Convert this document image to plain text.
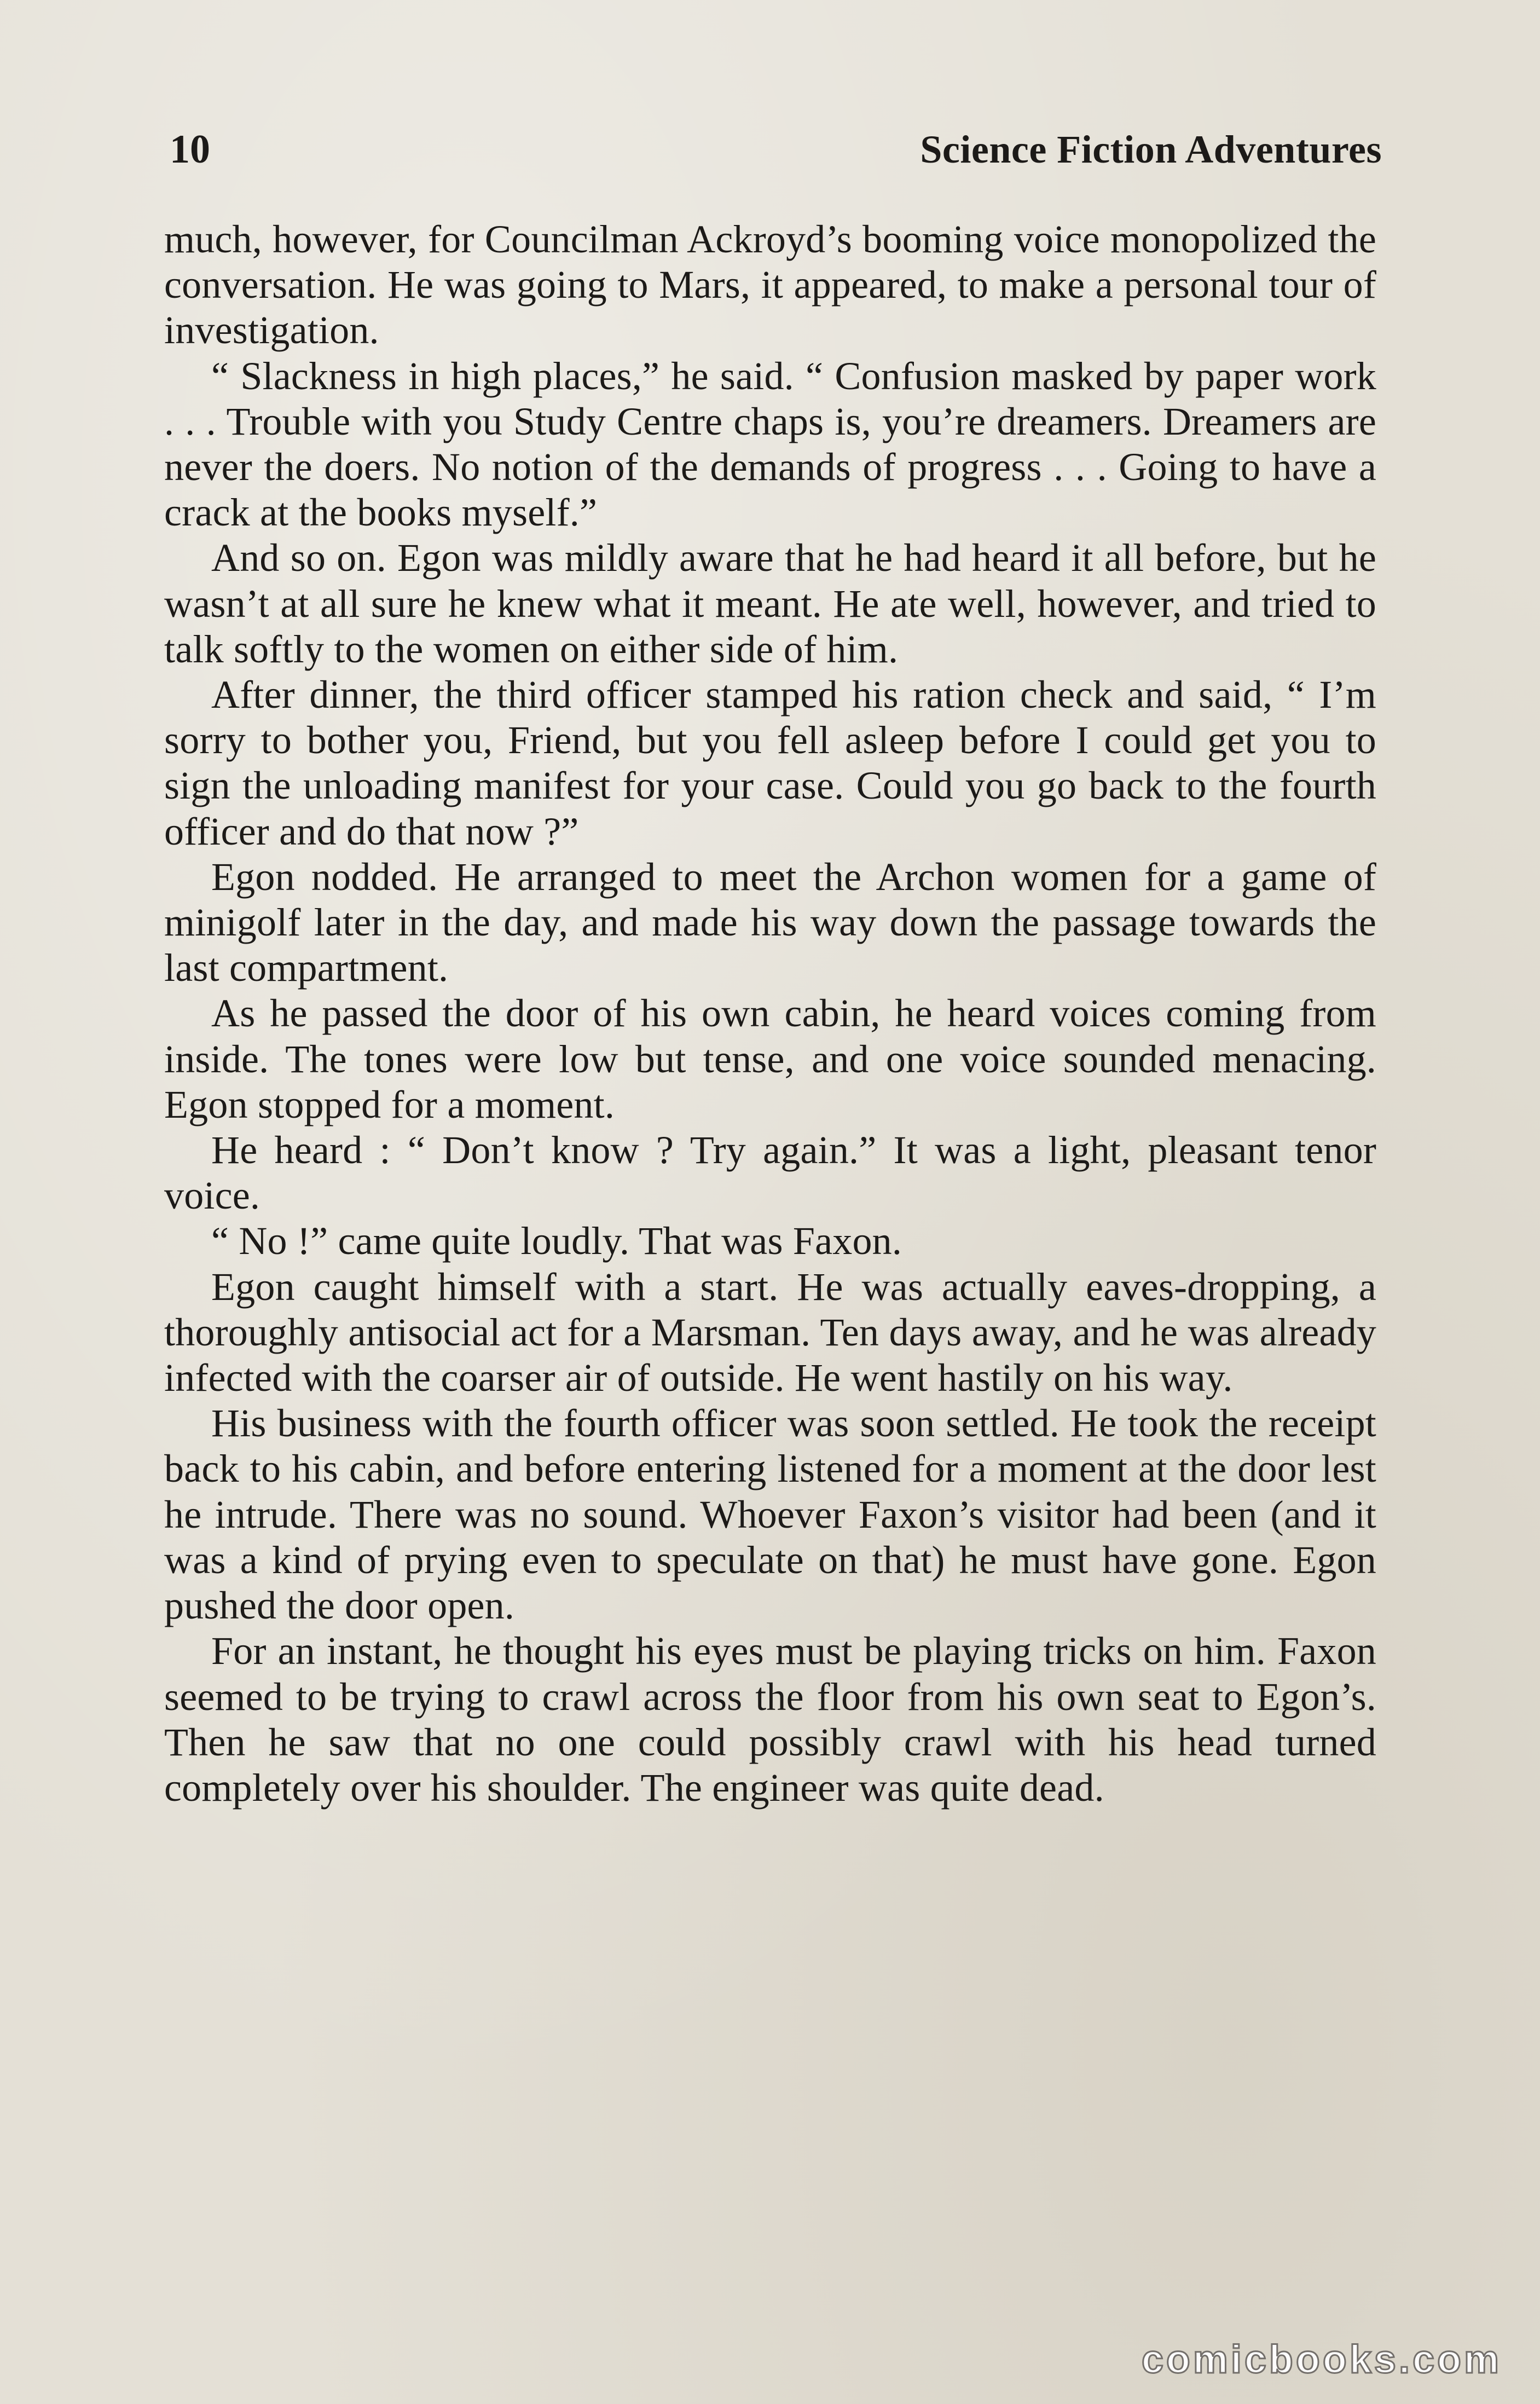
10	Science Fiction Adventures

much, however, for Councilman Ackroyd’s booming voice monopolized the conversation. He was going to Mars, it appeared, to make a personal tour of investigation.

“ Slackness in high places,” he said. “ Confusion masked by paper work . . . Trouble with you Study Centre chaps is, you’re dreamers. Dreamers are never the doers. No notion of the demands of progress . . . Going to have a crack at the books myself.”

And so on. Egon was mildly aware that he had heard it all before, but he wasn’t at all sure he knew what it meant. He ate well, however, and tried to talk softly to the women on either side of him.

After dinner, the third officer stamped his ration check and said, “ I’m sorry to bother you, Friend, but you fell asleep before I could get you to sign the unloading manifest for your case. Could you go back to the fourth officer and do that now ?”

Egon nodded. He arranged to meet the Archon women for a game of minigolf later in the day, and made his way down the passage towards the last compartment.

As he passed the door of his own cabin, he heard voices coming from inside. The tones were low but tense, and one voice sounded menacing. Egon stopped for a moment.

He heard : “ Don’t know ? Try again.” It was a light, pleasant tenor voice.

“ No !” came quite loudly. That was Faxon.

Egon caught himself with a start. He was actually eaves-dropping, a thoroughly antisocial act for a Marsman. Ten days away, and he was already infected with the coarser air of outside. He went hastily on his way.

His business with the fourth officer was soon settled. He took the receipt back to his cabin, and before entering listened for a moment at the door lest he intrude. There was no sound. Whoever Faxon’s visitor had been (and it was a kind of prying even to speculate on that) he must have gone. Egon pushed the door open.

For an instant, he thought his eyes must be playing tricks on him. Faxon seemed to be trying to crawl across the floor from his own seat to Egon’s. Then he saw that no one could possibly crawl with his head turned completely over his shoulder. The engineer was quite dead.

comicbooks.com
